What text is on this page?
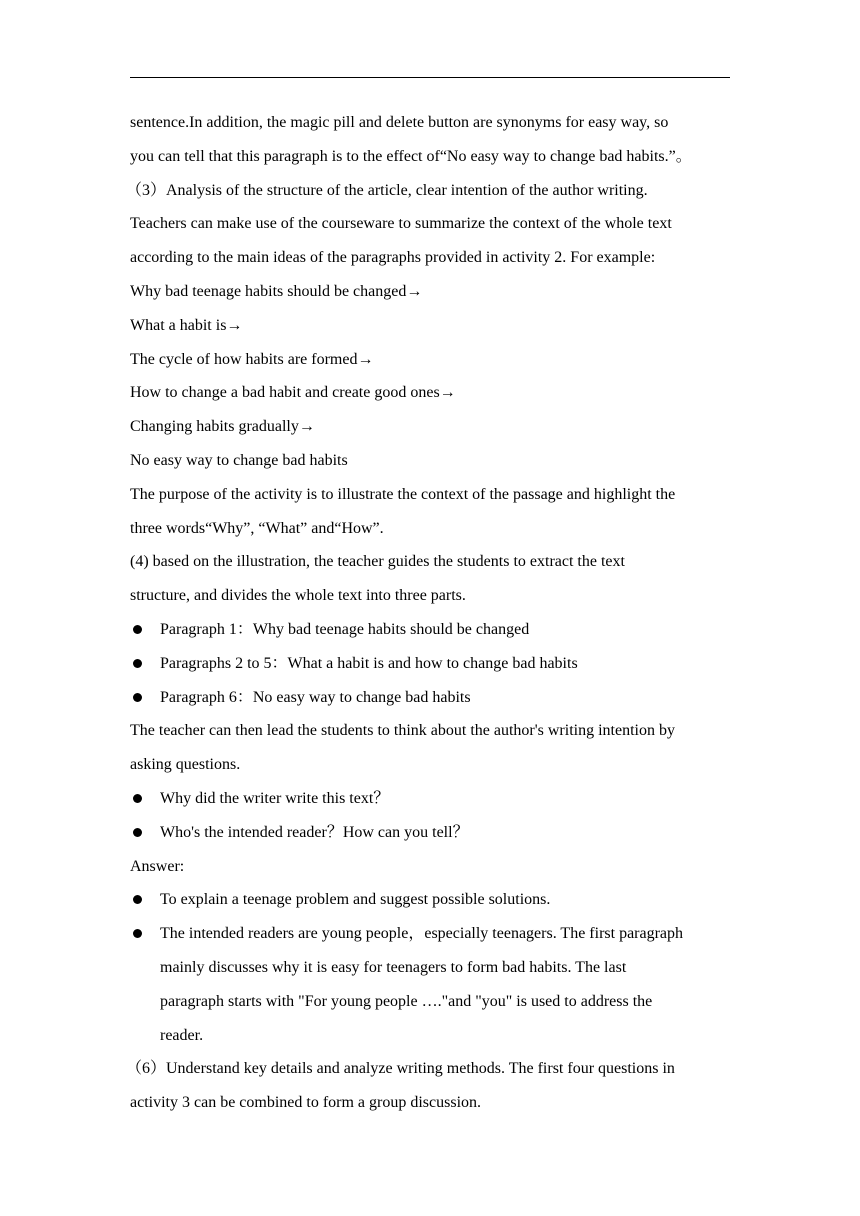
sentence.In addition, the magic pill and delete button are synonyms for easy way, so
you can tell that this paragraph is to the effect of“No easy way to change bad habits.”。
（3）Analysis of the structure of the article, clear intention of the author writing.
Teachers can make use of the courseware to summarize the context of the whole text
according to the main ideas of the paragraphs provided in activity 2. For example:
Why bad teenage habits should be changed→
What a habit is→
The cycle of how habits are formed→
How to change a bad habit and create good ones→
Changing habits gradually→
No easy way to change bad habits
The purpose of the activity is to illustrate the context of the passage and highlight the
three words“Why”, “What” and“How”.
(4) based on the illustration, the teacher guides the students to extract the text
structure, and divides the whole text into three parts.
Paragraph 1：Why bad teenage habits should be changed
Paragraphs 2 to 5：What a habit is and how to change bad habits
Paragraph 6：No easy way to change bad habits
The teacher can then lead the students to think about the author's writing intention by
asking questions.
Why did the writer write this text？
Who's the intended reader？How can you tell？
Answer:
To explain a teenage problem and suggest possible solutions.
The intended readers are young people，especially teenagers. The first paragraph
mainly discusses why it is easy for teenagers to form bad habits. The last
paragraph starts with "For young people …."and "you" is used to address the
reader.
（6）Understand key details and analyze writing methods. The first four questions in
activity 3 can be combined to form a group discussion.
